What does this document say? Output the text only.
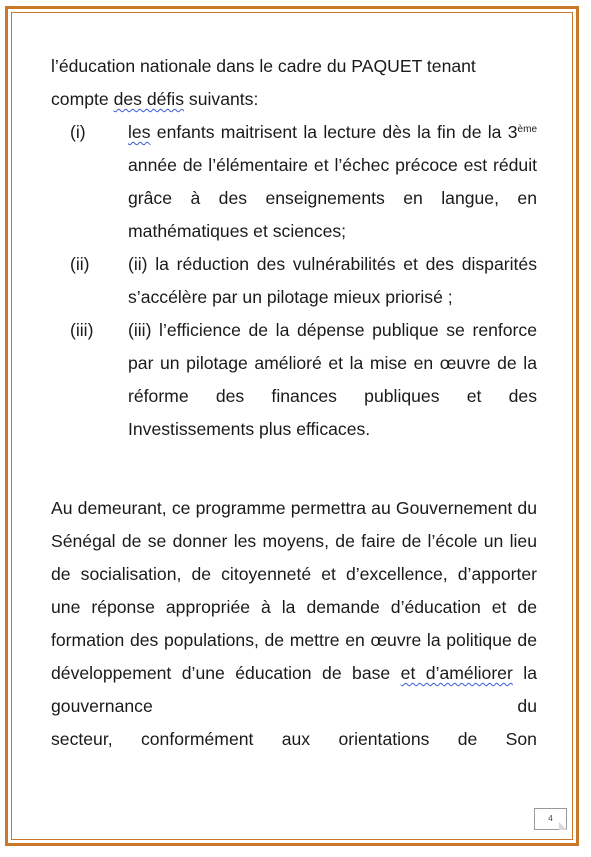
l’éducation nationale dans le cadre du PAQUET tenant
compte des défis suivants:

(i) les enfants maitrisent la lecture dès la fin de la 3ème année de l’élémentaire et l’échec précoce est réduit grâce à des enseignements en langue, en mathématiques et sciences;
(ii) (ii) la réduction des vulnérabilités et des disparités s’accélère par un pilotage mieux priorisé ;
(iii) (iii) l’efficience de la dépense publique se renforce par un pilotage amélioré et la mise en œuvre de la réforme des finances publiques et des Investissements plus efficaces.

Au demeurant, ce programme permettra au Gouvernement du Sénégal de se donner les moyens, de faire de l’école un lieu de socialisation, de citoyenneté et d’excellence, d’apporter une réponse appropriée à la demande d’éducation et de formation des populations, de mettre en œuvre la politique de développement d’une éducation de base et d’améliorer la gouvernance du

secteur, conformément aux orientations de Son
4
